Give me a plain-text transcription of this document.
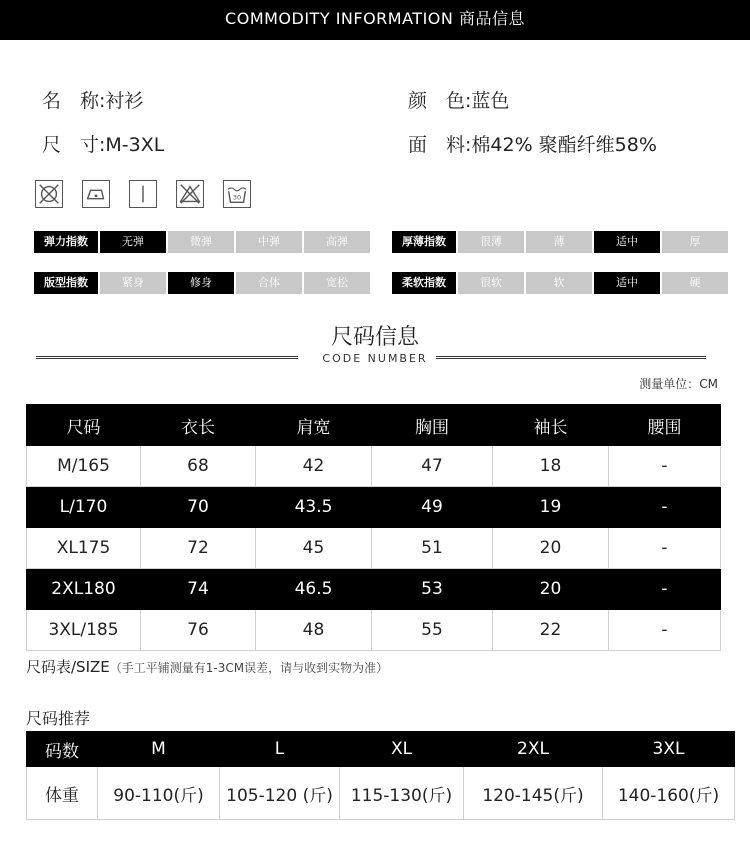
COMMODITY INFORMATION 商品信息
名　称:衬衫	颜　色:蓝色
尺　寸:M-3XL	面　料:棉42% 聚酯纤维58%
30
弹力指数	无弹	微弹	中弹	高弹	厚薄指数	很薄	薄	适中	厚
版型指数	紧身	修身	合体	宽松	柔软指数	很软	软	适中	硬
尺码信息
CODE NUMBER
测量单位：CM
尺码	衣长	肩宽	胸围	袖长	腰围
M/165	68	42	47	18	-
L/170	70	43.5	49	19	-
XL175	72	45	51	20	-
2XL180	74	46.5	53	20	-
3XL/185	76	48	55	22	-
尺码表/SIZE（手工平铺测量有1-3CM误差，请与收到实物为准）
尺码推荐
码数	M	L	XL	2XL	3XL
体重	90-110(斤)	105-120 (斤)	115-130(斤)	120-145(斤)	140-160(斤)
